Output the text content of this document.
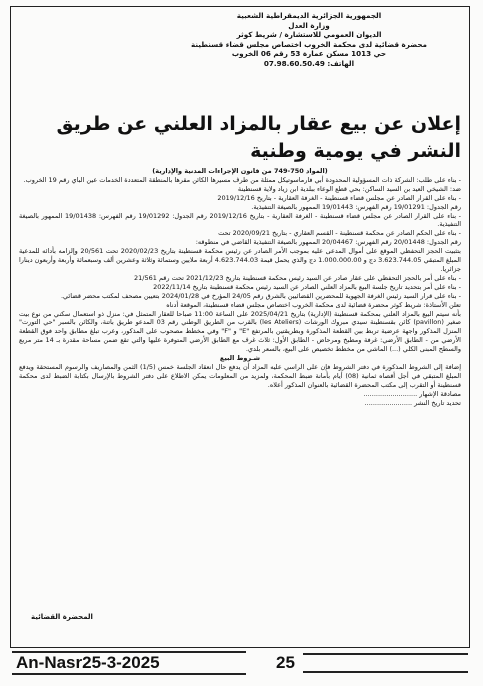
الجمهورية الجزائرية الديمقراطية الشعبية
وزارة العدل
الديوان العمومي للاستشارة / شريط كوثر
محضرة قضائية لدى محكمة الخروب اختصاص مجلس قضاء قسنطينة
حي 1013 مسكن عمارة 53 رقم 06 الخروب
الهاتف: 07.98.60.50.49
إعلان عن بيع عقار بالمزاد العلني عن طريق النشر في يومية وطنية

(المواد 750-749 من قانون الإجراءات المدنية والإدارية)

- بناء على طلب: الشركة ذات المسؤولية المحدودة أبي فارماسوتيكل ممثلة من طرف مسيرها الكائن مقرها بالمنطقة المتعددة الخدمات عين الباي رقم 19 الخروب.

ضد: الشيخي العيد بن السيد الساكن: بحي قطع الوعاء ببلدية ابن زياد ولاية قسنطينة

- بناء على القرار الصادر عن مجلس قضاء قسنطينة - الغرفة العقارية - بتاريخ 2019/12/16

رقم الجدول: 19/01291 رقم الفهرس: 19/01443 الممهور بالصيغة التنفيذية.

- بناء على القرار الصادر عن مجلس قضاء قسنطينة - الغرفة العقارية - بتاريخ 2019/12/16 رقم الجدول: 19/01292 رقم الفهرس: 19/01438 الممهور بالصيغة التنفيذية.

- بناء على الحكم الصادر عن محكمة قسنطينة - القسم العقاري - بتاريخ 2020/09/21 تحت

رقم الجدول: 20/01448 رقم الفهرس: 20/04467 الممهور بالصيغة التنفيذية القاضي في منطوقه:

بتثبيت الحجز التحفظي الموقع على أموال المدعى عليه بموجب الأمر الصادر عن رئيس محكمة قسنطينة بتاريخ 2020/02/23 تحت 20/561 وإلزامه بأدائه للمدعية المبلغ المتبقي 3.623.744.05 دج و 1.000.000.00 دج والذي يحمل قيمة 4.623.744.03 أربعة ملايين وستمائة وثلاثة وعشرين ألف وسبعمائة وأربعة وأربعون دينارا جزائريا.

- بناء على أمر بالحجز التحفظي على عقار صادر عن السيد رئيس محكمة قسنطينة بتاريخ 2021/12/23 تحت رقم 21/561

- بناء على أمر بتحديد تاريخ جلسة البيع بالمزاد العلني الصادر عن السيد رئيس محكمة قسنطينة بتاريخ 2022/11/14

- بناء على قرار السيد رئيس الغرفة الجهوية للمحضرين القضائيين بالشرق رقم 24/05 المؤرخ في 2024/01/28 بتعيين مصحف لمكتب محضر قضائي.

تعلن الأستاذة: شريط كوثر محضرة قضائية لدى محكمة الخروب اختصاص مجلس قضاء قسنطينة، الموقعة أدناه

بأنه سيتم البيع بالمزاد العلني بمحكمة قسنطينة (الإدارية) بتاريخ 2025/04/21 على الساعة 11:00 صباحا للعقار المتمثل في: منزل ذو استعمال سكني من نوع بيت صغير (pavillon) كائن بقسنطينة سيدي مبروك الورشات (les Ateliers) بالقرب من الطريق الوطني رقم 03 المدعو طريق باتنة، والكائن بالسبر "حي التورت" المنزل المذكور واجهة عرضية تربط بين القطعة المذكورة وبطريقتين بالمرتفع "E" و "F" وفي مخطط مصحوب على المذكور، وعرب تبلغ مطابق واحد فوق القطعة الأرضي من - الطابق الأرضي: غرفة ومطبخ ومرحاض - الطابق الأول: ثلاث غرف مع الطابق الأرضي المتوفرة عليها والتي تقع ضمن مساحة مقدرة بـ 14 متر مربع والسطح المبنى الكلي (...) الماشي من مخطط تخصيص على البيع، بالسعر بلدي.

شـروط البيع

إضافة إلى الشروط المذكورة في دفتر الشروط فإن على الراسي عليه المزاد أن يدفع حال انعقاد الجلسة خمس (1/5) الثمن والمصاريف والرسوم المستحقة ويدفع المبلغ المتبقي في أجل أقصاه ثمانية (08) أيام بأمانة ضبط المحكمة، ولمزيد من المعلومات يمكن الاطلاع على دفتر الشروط بالإرسال بكتابة الضبط لدى محكمة قسنطينة أو التقرب إلى مكتب المحضرة القضائية بالعنوان المذكور أعلاه.

مصادقة الإشهار ..........................

تحديد تاريخ النشر .......................

المحضرة القضائية
An-Nasr25-3-2025	25
